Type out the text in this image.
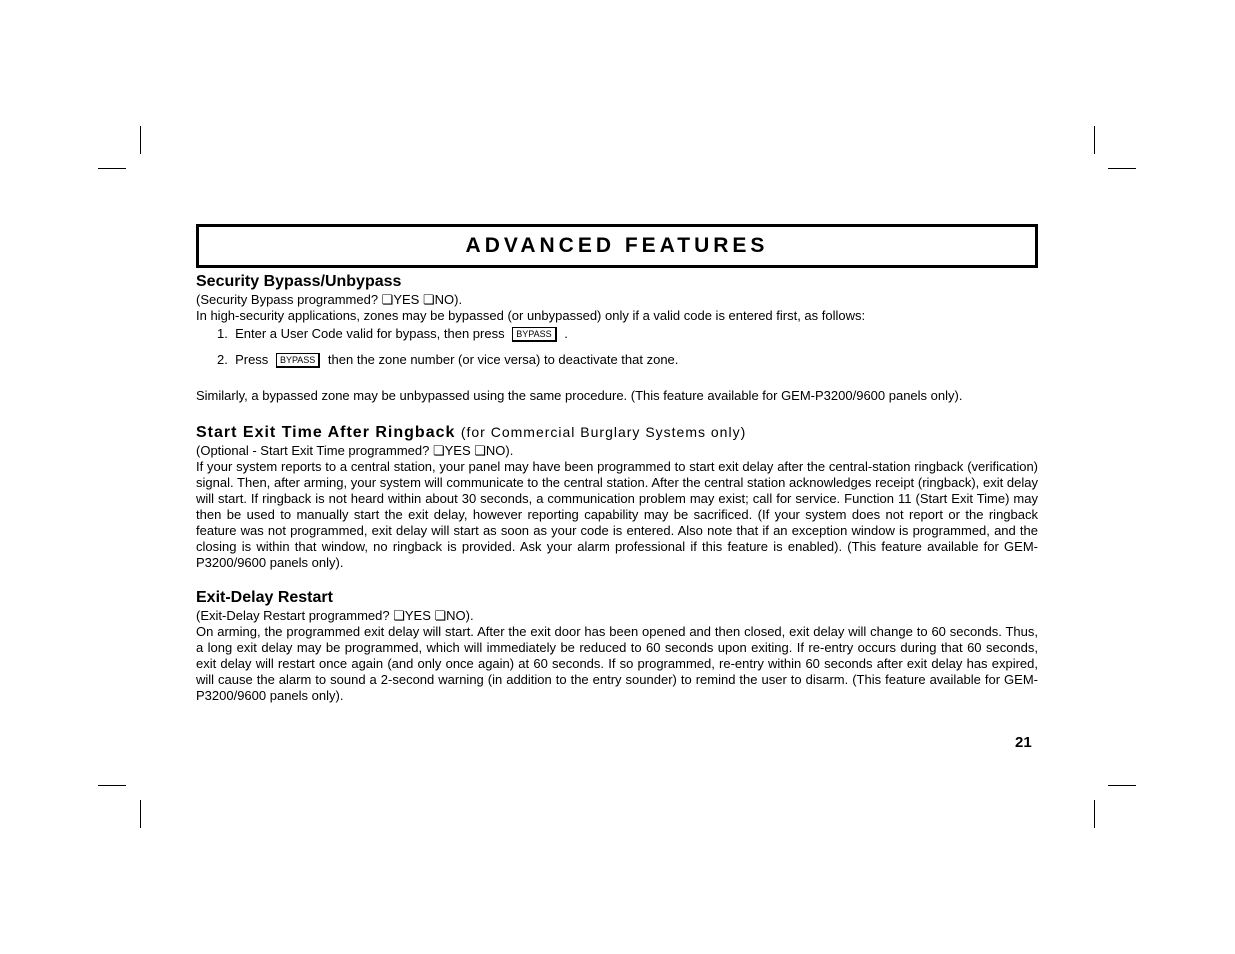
ADVANCED FEATURES

Security Bypass/Unbypass

(Security Bypass programmed? ❏YES ❏NO).

In high-security applications, zones may be bypassed (or unbypassed) only if a valid code is entered first, as follows:

1. Enter a User Code valid for bypass, then press BYPASS .

2. Press BYPASS then the zone number (or vice versa) to deactivate that zone.

Similarly, a bypassed zone may be unbypassed using the same procedure. (This feature available for GEM-P3200/9600 panels only).

Start Exit Time After Ringback (for Commercial Burglary Systems only)

(Optional - Start Exit Time programmed? ❏YES ❏NO).

If your system reports to a central station, your panel may have been programmed to start exit delay after the central-station ringback (verification) signal. Then, after arming, your system will communicate to the central station. After the central station acknowledges receipt (ringback), exit delay will start. If ringback is not heard within about 30 seconds, a communication problem may exist; call for service. Function 11 (Start Exit Time) may then be used to manually start the exit delay, however reporting capability may be sacrificed. (If your system does not report or the ringback feature was not programmed, exit delay will start as soon as your code is entered. Also note that if an exception window is programmed, and the closing is within that window, no ringback is provided. Ask your alarm professional if this feature is enabled). (This feature available for GEM-P3200/9600 panels only).

Exit-Delay Restart

(Exit-Delay Restart programmed? ❏YES ❏NO).

On arming, the programmed exit delay will start. After the exit door has been opened and then closed, exit delay will change to 60 seconds. Thus, a long exit delay may be programmed, which will immediately be reduced to 60 seconds upon exiting. If re-entry occurs during that 60 seconds, exit delay will restart once again (and only once again) at 60 seconds. If so programmed, re-entry within 60 seconds after exit delay has expired, will cause the alarm to sound a 2-second warning (in addition to the entry sounder) to remind the user to disarm. (This feature available for GEM-P3200/9600 panels only).

21
